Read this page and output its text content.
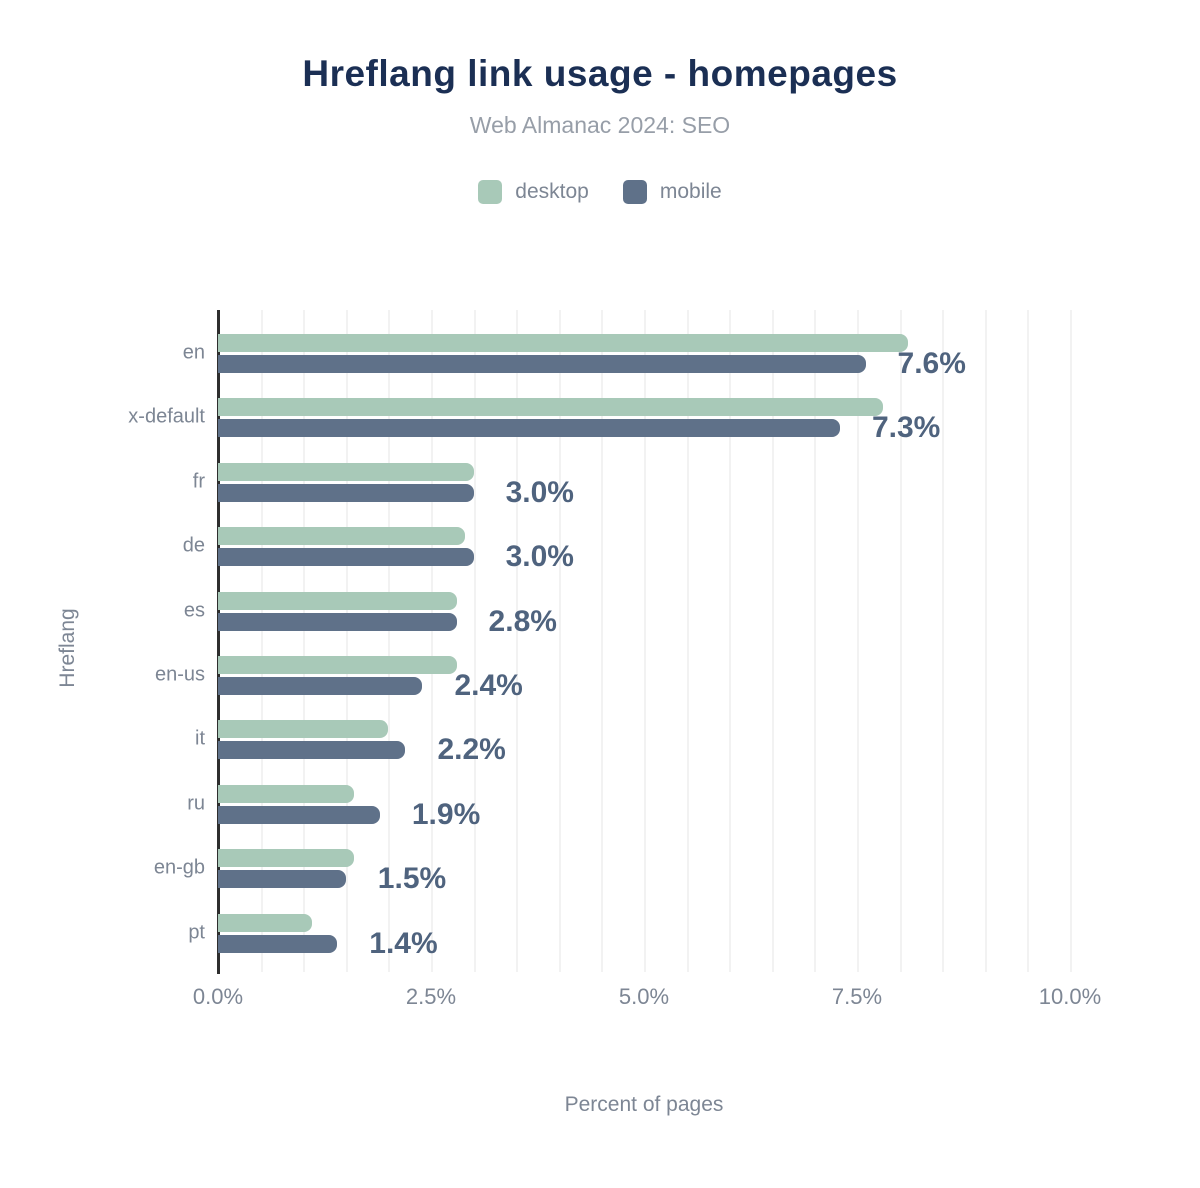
Hreflang link usage - homepages
Web Almanac 2024: SEO
desktop	mobile
Hreflang
en	7.6%
x-default	7.3%
fr	3.0%
de	3.0%
es	2.8%
en-us	2.4%
it	2.2%
ru	1.9%
en-gb	1.5%
pt	1.4%
0.0%	2.5%	5.0%	7.5%	10.0%
Percent of pages
